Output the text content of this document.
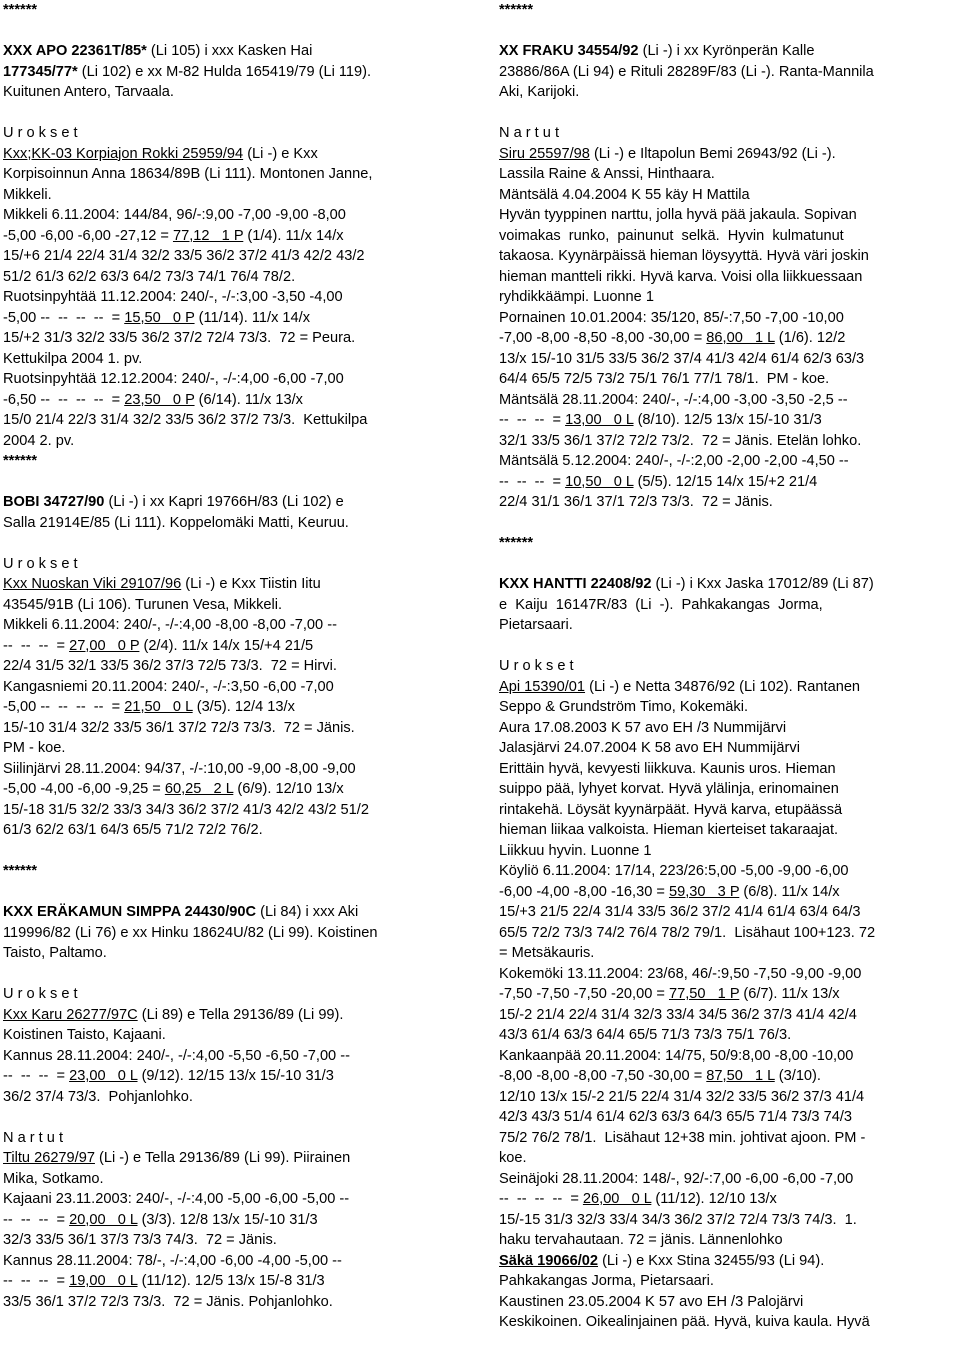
******
XXX APO 22361T/85* (Li 105) i xxx Kasken Hai
177345/77* (Li 102) e xx M-82 Hulda 165419/79 (Li 119).
Kuitunen Antero, Tarvaala.
U r o k s e t
Kxx;KK-03 Korpiajon Rokki 25959/94 (Li -) e Kxx
Korpisoinnun Anna 18634/89B (Li 111). Montonen Janne,
Mikkeli.
Mikkeli 6.11.2004: 144/84, 96/-:9,00 -7,00 -9,00 -8,00
-5,00 -6,00 -6,00 -27,12 = 77,12   1 P (1/4). 11/x 14/x
15/+6 21/4 22/4 31/4 32/2 33/5 36/2 37/2 41/3 42/2 43/2
51/2 61/3 62/2 63/3 64/2 73/3 74/1 76/4 78/2.
Ruotsinpyhtää 11.12.2004: 240/-, -/-:3,00 -3,50 -4,00
-5,00 --  --  --  --  = 15,50   0 P (11/14). 11/x 14/x
15/+2 31/3 32/2 33/5 36/2 37/2 72/4 73/3.  72 = Peura.
Kettukilpa 2004 1. pv.
Ruotsinpyhtää 12.12.2004: 240/-, -/-:4,00 -6,00 -7,00
-6,50 --  --  --  --  = 23,50   0 P (6/14). 11/x 13/x
15/0 21/4 22/3 31/4 32/2 33/5 36/2 37/2 73/3.  Kettukilpa
2004 2. pv.
******
BOBI 34727/90 (Li -) i xx Kapri 19766H/83 (Li 102) e
Salla 21914E/85 (Li 111). Koppelomäki Matti, Keuruu.
U r o k s e t
Kxx Nuoskan Viki 29107/96 (Li -) e Kxx Tiistin Iitu
43545/91B (Li 106). Turunen Vesa, Mikkeli.
Mikkeli 6.11.2004: 240/-, -/-:4,00 -8,00 -8,00 -7,00 --
--  --  --  = 27,00   0 P (2/4). 11/x 14/x 15/+4 21/5
22/4 31/5 32/1 33/5 36/2 37/3 72/5 73/3.  72 = Hirvi.
Kangasniemi 20.11.2004: 240/-, -/-:3,50 -6,00 -7,00
-5,00 --  --  --  --  = 21,50   0 L (3/5). 12/4 13/x
15/-10 31/4 32/2 33/5 36/1 37/2 72/3 73/3.  72 = Jänis.
PM - koe.
Siilinjärvi 28.11.2004: 94/37, -/-:10,00 -9,00 -8,00 -9,00
-5,00 -4,00 -6,00 -9,25 = 60,25   2 L (6/9). 12/10 13/x
15/-18 31/5 32/2 33/3 34/3 36/2 37/2 41/3 42/2 43/2 51/2
61/3 62/2 63/1 64/3 65/5 71/2 72/2 76/2.
******
KXX ERÄKAMUN SIMPPA 24430/90C (Li 84) i xxx Aki
119996/82 (Li 76) e xx Hinku 18624U/82 (Li 99). Koistinen
Taisto, Paltamo.
U r o k s e t
Kxx Karu 26277/97C (Li 89) e Tella 29136/89 (Li 99).
Koistinen Taisto, Kajaani.
Kannus 28.11.2004: 240/-, -/-:4,00 -5,50 -6,50 -7,00 --
--  --  --  = 23,00   0 L (9/12). 12/15 13/x 15/-10 31/3
36/2 37/4 73/3.  Pohjanlohko.
N a r t u t
Tiltu 26279/97 (Li -) e Tella 29136/89 (Li 99). Piirainen
Mika, Sotkamo.
Kajaani 23.11.2003: 240/-, -/-:4,00 -5,00 -6,00 -5,00 --
--  --  --  = 20,00   0 L (3/3). 12/8 13/x 15/-10 31/3
32/3 33/5 36/1 37/3 73/3 74/3.  72 = Jänis.
Kannus 28.11.2004: 78/-, -/-:4,00 -6,00 -4,00 -5,00 --
--  --  --  = 19,00   0 L (11/12). 12/5 13/x 15/-8 31/3
33/5 36/1 37/2 72/3 73/3.  72 = Jänis. Pohjanlohko.
******
XX FRAKU 34554/92 (Li -) i xx Kyrönperän Kalle
23886/86A (Li 94) e Rituli 28289F/83 (Li -). Ranta-Mannila
Aki, Karijoki.
N a r t u t
Siru 25597/98 (Li -) e Iltapolun Bemi 26943/92 (Li -).
Lassila Raine & Anssi, Hinthaara.
Mäntsälä 4.04.2004 K 55 käy H Mattila
Hyvän tyyppinen narttu, jolla hyvä pää jakaula. Sopivan
voimakas  runko,  painunut  selkä.  Hyvin  kulmatunut
takaosa. Kyynärpäissä hieman löysyyttä. Hyvä väri joskin
hieman mantteli rikki. Hyvä karva. Voisi olla liikkuessaan
ryhdikkäämpi. Luonne 1
Pornainen 10.01.2004: 35/120, 85/-:7,50 -7,00 -10,00
-7,00 -8,00 -8,50 -8,00 -30,00 = 86,00   1 L (1/6). 12/2
13/x 15/-10 31/5 33/5 36/2 37/4 41/3 42/4 61/4 62/3 63/3
64/4 65/5 72/5 73/2 75/1 76/1 77/1 78/1.  PM - koe.
Mäntsälä 28.11.2004: 240/-, -/-:4,00 -3,00 -3,50 -2,5 --
--  --  --  = 13,00   0 L (8/10). 12/5 13/x 15/-10 31/3
32/1 33/5 36/1 37/2 72/2 73/2.  72 = Jänis. Etelän lohko.
Mäntsälä 5.12.2004: 240/-, -/-:2,00 -2,00 -2,00 -4,50 --
--  --  --  = 10,50   0 L (5/5). 12/15 14/x 15/+2 21/4
22/4 31/1 36/1 37/1 72/3 73/3.  72 = Jänis.
******
KXX HANTTI 22408/92 (Li -) i Kxx Jaska 17012/89 (Li 87)
e  Kaiju  16147R/83  (Li  -).  Pahkakangas  Jorma,
Pietarsaari.
U r o k s e t
Api 15390/01 (Li -) e Netta 34876/92 (Li 102). Rantanen
Seppo & Grundström Timo, Kokemäki.
Aura 17.08.2003 K 57 avo EH /3 Nummijärvi
Jalasjärvi 24.07.2004 K 58 avo EH Nummijärvi
Erittäin hyvä, kevyesti liikkuva. Kaunis uros. Hieman
suippo pää, lyhyet korvat. Hyvä ylälinja, erinomainen
rintakehä. Löysät kyynärpäät. Hyvä karva, etupäässä
hieman liikaa valkoista. Hieman kierteiset takaraajat.
Liikkuu hyvin. Luonne 1
Köyliö 6.11.2004: 17/14, 223/26:5,00 -5,00 -9,00 -6,00
-6,00 -4,00 -8,00 -16,30 = 59,30   3 P (6/8). 11/x 14/x
15/+3 21/5 22/4 31/4 33/5 36/2 37/2 41/4 61/4 63/4 64/3
65/5 72/2 73/3 74/2 76/4 78/2 79/1.  Lisähaut 100+123. 72
= Metsäkauris.
Kokemöki 13.11.2004: 23/68, 46/-:9,50 -7,50 -9,00 -9,00
-7,50 -7,50 -7,50 -20,00 = 77,50   1 P (6/7). 11/x 13/x
15/-2 21/4 22/4 31/4 32/3 33/4 34/5 36/2 37/3 41/4 42/4
43/3 61/4 63/3 64/4 65/5 71/3 73/3 75/1 76/3.
Kankaanpää 20.11.2004: 14/75, 50/9:8,00 -8,00 -10,00
-8,00 -8,00 -8,00 -7,50 -30,00 = 87,50   1 L (3/10).
12/10 13/x 15/-2 21/5 22/4 31/4 32/2 33/5 36/2 37/3 41/4
42/3 43/3 51/4 61/4 62/3 63/3 64/3 65/5 71/4 73/3 74/3
75/2 76/2 78/1.  Lisähaut 12+38 min. johtivat ajoon. PM -
koe.
Seinäjoki 28.11.2004: 148/-, 92/-:7,00 -6,00 -6,00 -7,00
--  --  --  --  = 26,00   0 L (11/12). 12/10 13/x
15/-15 31/3 32/3 33/4 34/3 36/2 37/2 72/4 73/3 74/3.  1.
haku tervahautaan. 72 = jänis. Lännenlohko
Säkä 19066/02 (Li -) e Kxx Stina 32455/93 (Li 94).
Pahkakangas Jorma, Pietarsaari.
Kaustinen 23.05.2004 K 57 avo EH /3 Palojärvi
Keskikoinen. Oikealinjainen pää. Hyvä, kuiva kaula. Hyvä
